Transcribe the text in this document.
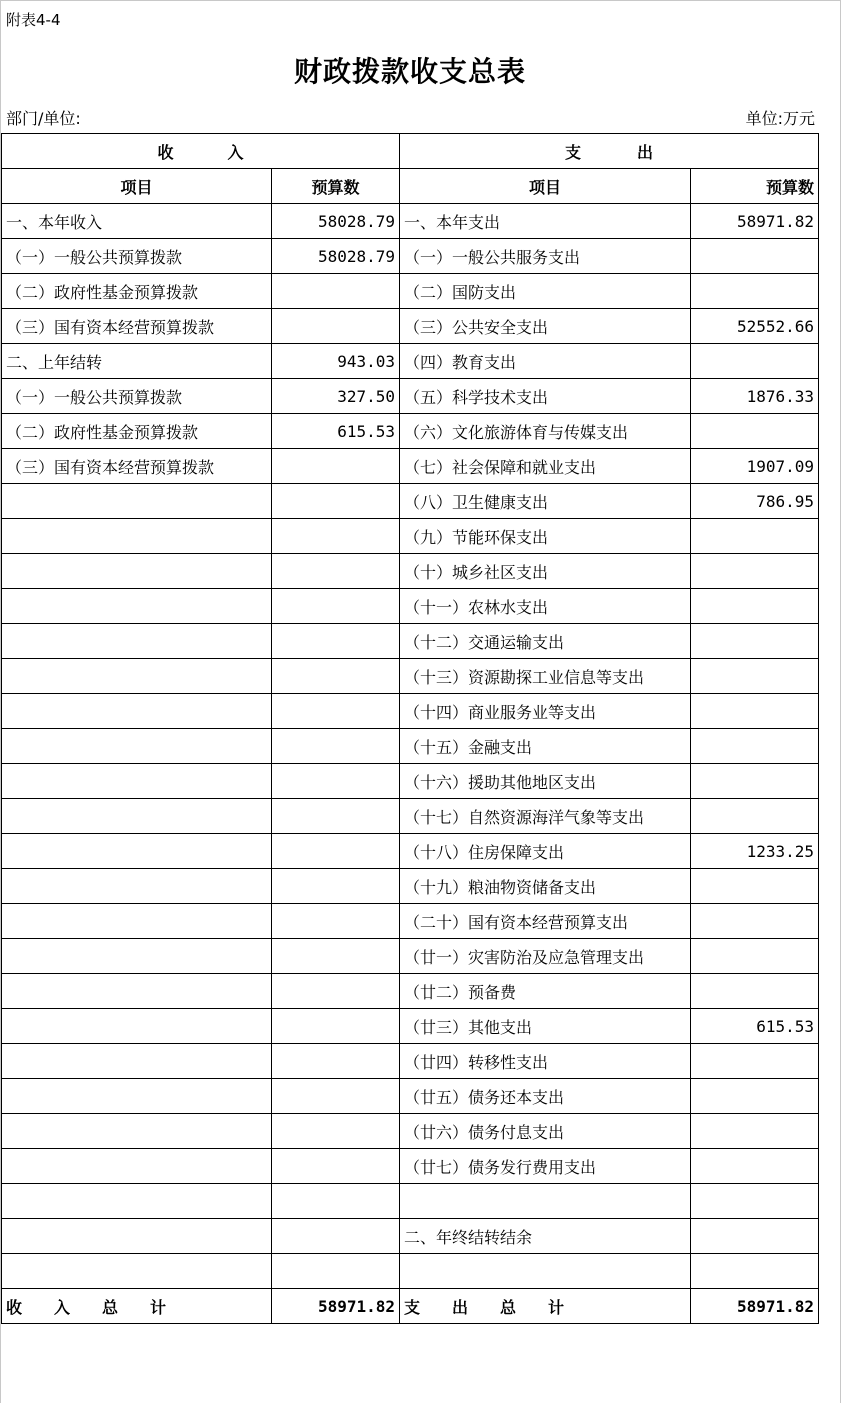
附表4-4
财政拨款收支总表
部门/单位:	单位:万元
收 入		支 出	
项目	预算数	项目	预算数
一、本年收入	58028.79	一、本年支出	58971.82
（一）一般公共预算拨款	58028.79	（一）一般公共服务支出	
（二）政府性基金预算拨款		（二）国防支出	
（三）国有资本经营预算拨款		（三）公共安全支出	52552.66
二、上年结转	943.03	（四）教育支出	
（一）一般公共预算拨款	327.50	（五）科学技术支出	1876.33
（二）政府性基金预算拨款	615.53	（六）文化旅游体育与传媒支出	
（三）国有资本经营预算拨款		（七）社会保障和就业支出	1907.09
		（八）卫生健康支出	786.95
		（九）节能环保支出	
		（十）城乡社区支出	
		（十一）农林水支出	
		（十二）交通运输支出	
		（十三）资源勘探工业信息等支出	
		（十四）商业服务业等支出	
		（十五）金融支出	
		（十六）援助其他地区支出	
		（十七）自然资源海洋气象等支出	
		（十八）住房保障支出	1233.25
		（十九）粮油物资储备支出	
		（二十）国有资本经营预算支出	
		（廿一）灾害防治及应急管理支出	
		（廿二）预备费	
		（廿三）其他支出	615.53
		（廿四）转移性支出	
		（廿五）债务还本支出	
		（廿六）债务付息支出	
		（廿七）债务发行费用支出	

		二、年终结转结余	

收 入 总 计	58971.82	支 出 总 计	58971.82
